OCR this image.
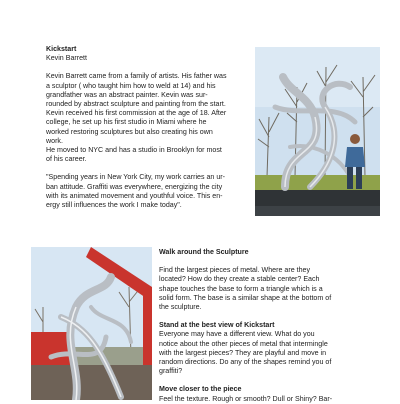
Kickstart

Kevin Barrett

Kevin Barrett came from a family of artists. His father was
a sculptor ( who taught him how to weld at 14) and his
grandfather was an abstract painter. Kevin was sur-
rounded by abstract sculpture and painting from the start.
Kevin received his first commission at the age of 18. After
college, he set up his first studio in Miami where he
worked restoring sculptures but also creating his own
work.
He moved to NYC and has a studio in Brooklyn for most
of his career.

"Spending years in New York City, my work carries an ur-
ban attitude. Graffiti was everywhere, energizing the city
with its animated movement and youthful voice. This en-
ergy still influences the work I make today".

Walk around the Sculpture

Find the largest pieces of metal. Where are they
located? How do they create a stable center? Each
shape touches the base to form a triangle which is a
solid form. The base is a similar shape at the bottom of
the sculpture.

Stand at the best view of Kickstart

Everyone may have a different view. What do you
notice about the other pieces of metal that intermingle
with the largest pieces? They are playful and move in
random directions. Do any of the shapes remind you of
graffiti?

Move closer to the piece

Feel the texture. Rough or smooth? Dull or Shiny? Bar-
